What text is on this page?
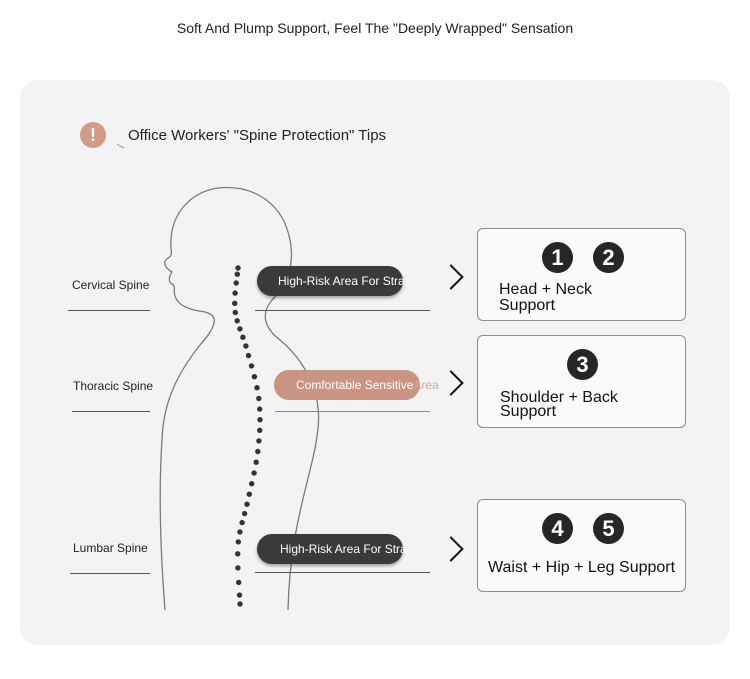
Soft And Plump Support, Feel The "Deeply Wrapped" Sensation
!	Office Workers' "Spine Protection" Tips
Cervical Spine
Thoracic Spine
Lumbar Spine
High-Risk Area For Stra
Comfortable Sensitive Area
High-Risk Area For Stra
1	2
Head + Neck
Support
3
Shoulder + Back
Support
4	5
Waist + Hip + Leg Support
